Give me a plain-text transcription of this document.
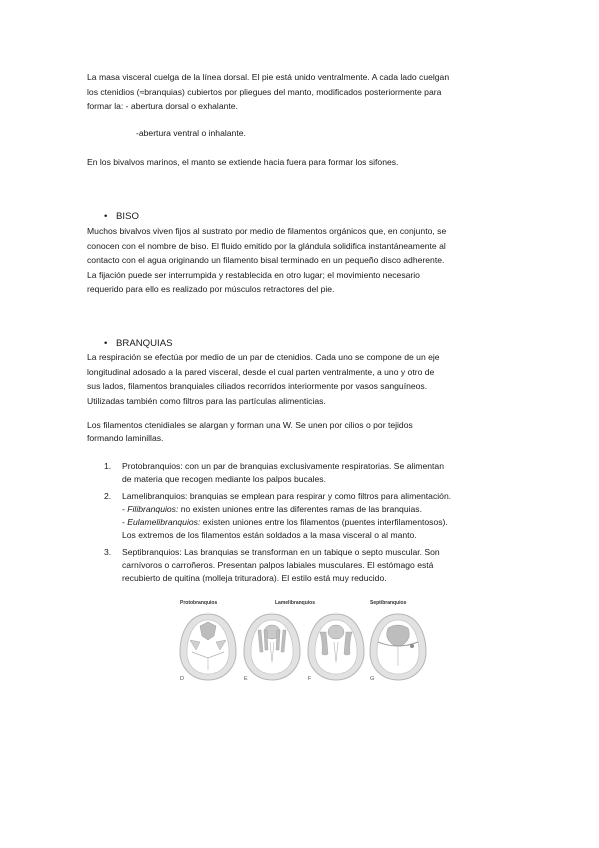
La masa visceral cuelga de la línea dorsal. El pie está unido ventralmente. A cada lado cuelgan
los ctenidios (≈branquias) cubiertos por pliegues del manto, modificados posteriormente para
formar la: - abertura dorsal o exhalante.
-abertura ventral o inhalante.
En los bivalvos marinos, el manto se extiende hacia fuera para formar los sifones.
• BISO
Muchos bivalvos viven fijos al sustrato por medio de filamentos orgánicos que, en conjunto, se
conocen con el nombre de biso. El fluido emitido por la glándula solidifica instantáneamente al
contacto con el agua originando un filamento bisal terminado en un pequeño disco adherente.
La fijación puede ser interrumpida y restablecida en otro lugar; el movimiento necesario
requerido para ello es realizado por músculos retractores del pie.
• BRANQUIAS
La respiración se efectúa por medio de un par de ctenidios. Cada uno se compone de un eje
longitudinal adosado a la pared visceral, desde el cual parten ventralmente, a uno y otro de
sus lados, filamentos branquiales ciliados recorridos interiormente por vasos sanguíneos.
Utilizadas también como filtros para las partículas alimenticias.
Los filamentos ctenidiales se alargan y forman una W. Se unen por cilios o por tejidos
formando laminillas.
1. Protobranquios: con un par de branquias exclusivamente respiratorias. Se alimentan
de materia que recogen mediante los palpos bucales.
2. Lamelibranquios: branquias se emplean para respirar y como filtros para alimentación.
- Filibranquios: no existen uniones entre las diferentes ramas de las branquias.
- Eulamelibranquios: existen uniones entre los filamentos (puentes interfilamentosos).
Los extremos de los filamentos están soldados a la masa visceral o al manto.
3. Septibranquios: Las branquias se transforman en un tabique o septo muscular. Son
carnívoros o carroñeros. Presentan palpos labiales musculares. El estómago está
recubierto de quitina (molleja trituradora). El estilo está muy reducido.
Protobranquios	Lamelibranquios	Septibranquios
D	E	F	G
